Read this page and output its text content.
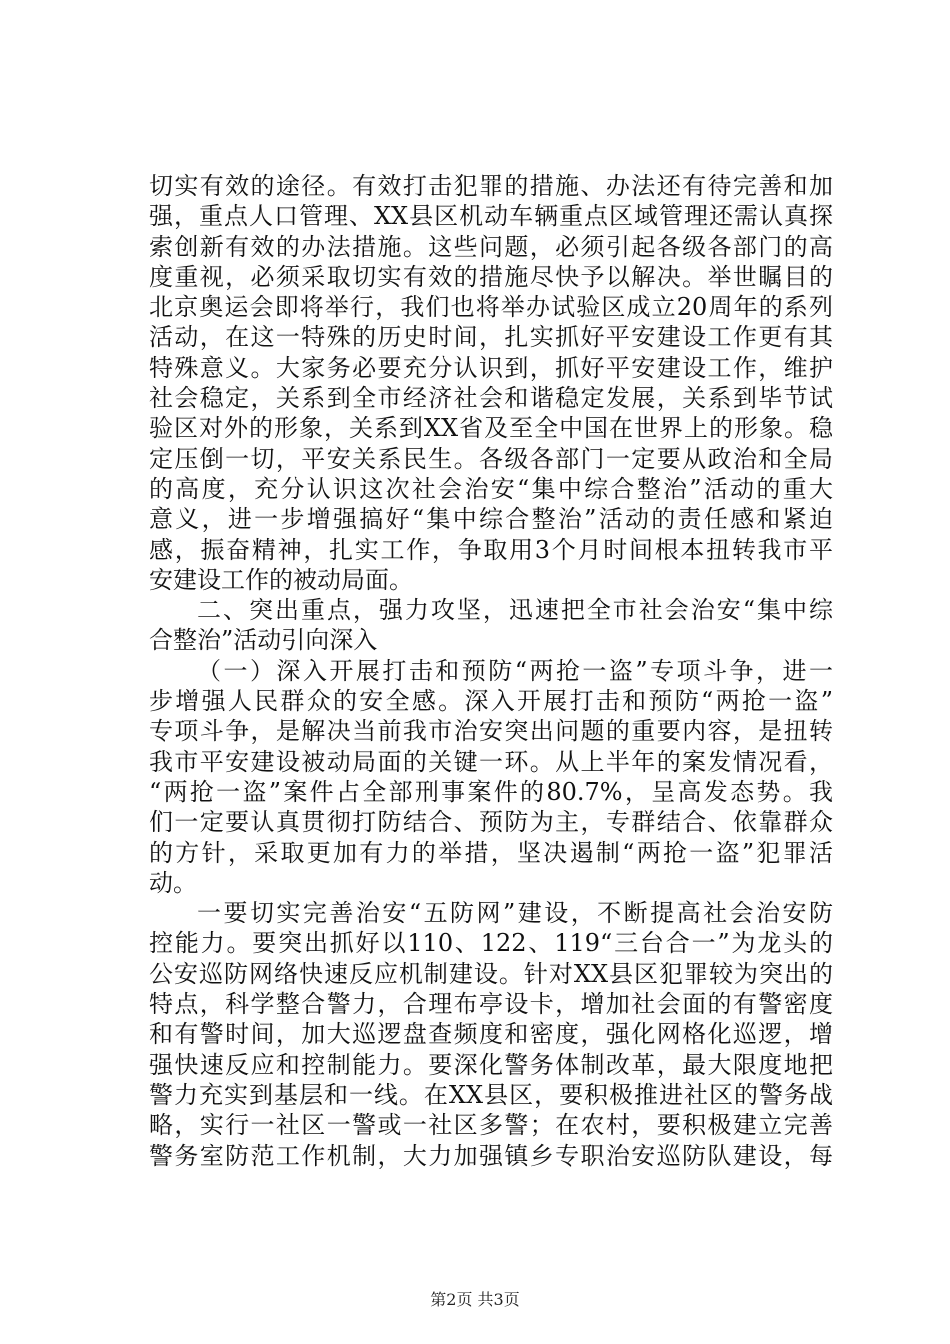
切实有效的途径。有效打击犯罪的措施、办法还有待完善和加
强，重点人口管理、XX县区机动车辆重点区域管理还需认真探
索创新有效的办法措施。这些问题，必须引起各级各部门的高
度重视，必须采取切实有效的措施尽快予以解决。举世瞩目的
北京奥运会即将举行，我们也将举办试验区成立20周年的系列
活动，在这一特殊的历史时间，扎实抓好平安建设工作更有其
特殊意义。大家务必要充分认识到，抓好平安建设工作，维护
社会稳定，关系到全市经济社会和谐稳定发展，关系到毕节试
验区对外的形象，关系到XX省及至全中国在世界上的形象。稳
定压倒一切，平安关系民生。各级各部门一定要从政治和全局
的高度，充分认识这次社会治安“集中综合整治”活动的重大
意义，进一步增强搞好“集中综合整治”活动的责任感和紧迫
感，振奋精神，扎实工作，争取用3个月时间根本扭转我市平
安建设工作的被动局面。
二、突出重点，强力攻坚，迅速把全市社会治安“集中综
合整治”活动引向深入
（一）深入开展打击和预防“两抢一盗”专项斗争，进一
步增强人民群众的安全感。深入开展打击和预防“两抢一盗”
专项斗争，是解决当前我市治安突出问题的重要内容，是扭转
我市平安建设被动局面的关键一环。从上半年的案发情况看，
“两抢一盗”案件占全部刑事案件的80.7%，呈高发态势。我
们一定要认真贯彻打防结合、预防为主，专群结合、依靠群众
的方针，采取更加有力的举措，坚决遏制“两抢一盗”犯罪活
动。
一要切实完善治安“五防网”建设，不断提高社会治安防
控能力。要突出抓好以110、122、119“三台合一”为龙头的
公安巡防网络快速反应机制建设。针对XX县区犯罪较为突出的
特点，科学整合警力，合理布亭设卡，增加社会面的有警密度
和有警时间，加大巡逻盘查频度和密度，强化网格化巡逻，增
强快速反应和控制能力。要深化警务体制改革，最大限度地把
警力充实到基层和一线。在XX县区，要积极推进社区的警务战
略，实行一社区一警或一社区多警；在农村，要积极建立完善
警务室防范工作机制，大力加强镇乡专职治安巡防队建设，每
第2页 共3页
